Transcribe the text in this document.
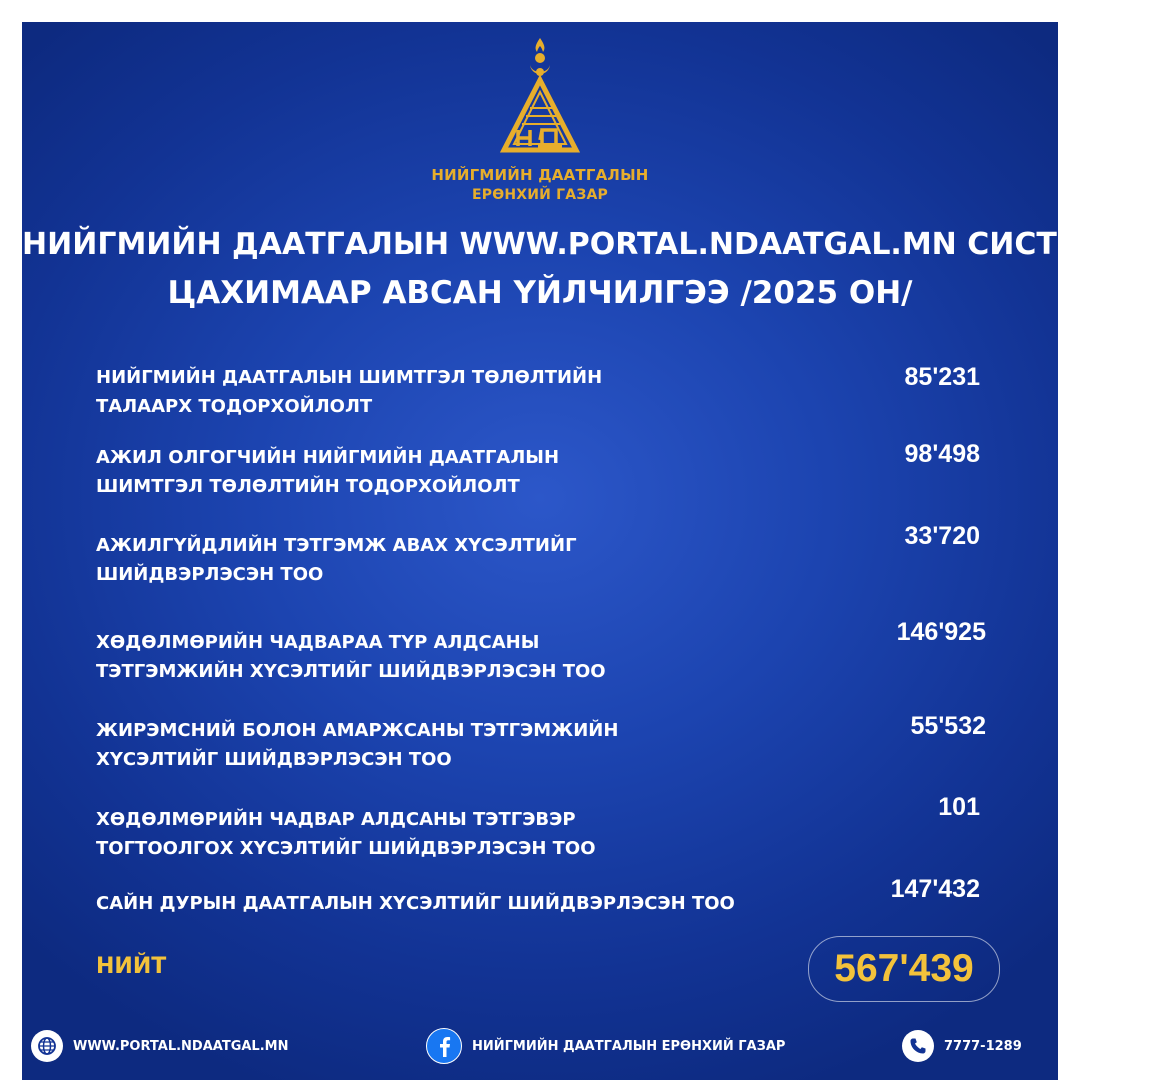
НИЙГМИЙН ДААТГАЛЫН
ЕРӨНХИЙ ГАЗАР
НИЙГМИЙН ДААТГАЛЫН WWW.PORTAL.NDAATGAL.MN СИСТЕМЭЭС
ЦАХИМААР АВСАН ҮЙЛЧИЛГЭЭ /2025 ОН/
НИЙГМИЙН ДААТГАЛЫН ШИМТГЭЛ ТӨЛӨЛТИЙН
ТАЛААРХ ТОДОРХОЙЛОЛТ
85'231
АЖИЛ ОЛГОГЧИЙН НИЙГМИЙН ДААТГАЛЫН
ШИМТГЭЛ ТӨЛӨЛТИЙН ТОДОРХОЙЛОЛТ
98'498
АЖИЛГҮЙДЛИЙН ТЭТГЭМЖ АВАХ ХҮСЭЛТИЙГ
ШИЙДВЭРЛЭСЭН ТОО
33'720
ХӨДӨЛМӨРИЙН ЧАДВАРАА ТҮР АЛДСАНЫ
ТЭТГЭМЖИЙН ХҮСЭЛТИЙГ ШИЙДВЭРЛЭСЭН ТОО
146'925
ЖИРЭМСНИЙ БОЛОН АМАРЖСАНЫ ТЭТГЭМЖИЙН
ХҮСЭЛТИЙГ ШИЙДВЭРЛЭСЭН ТОО
55'532
ХӨДӨЛМӨРИЙН ЧАДВАР АЛДСАНЫ ТЭТГЭВЭР
ТОГТООЛГОХ ХҮСЭЛТИЙГ ШИЙДВЭРЛЭСЭН ТОО
101
САЙН ДУРЫН ДААТГАЛЫН ХҮСЭЛТИЙГ ШИЙДВЭРЛЭСЭН ТОО
147'432
НИЙТ	567'439
WWW.PORTAL.NDAATGAL.MN	НИЙГМИЙН ДААТГАЛЫН ЕРӨНХИЙ ГАЗАР	7777-1289
